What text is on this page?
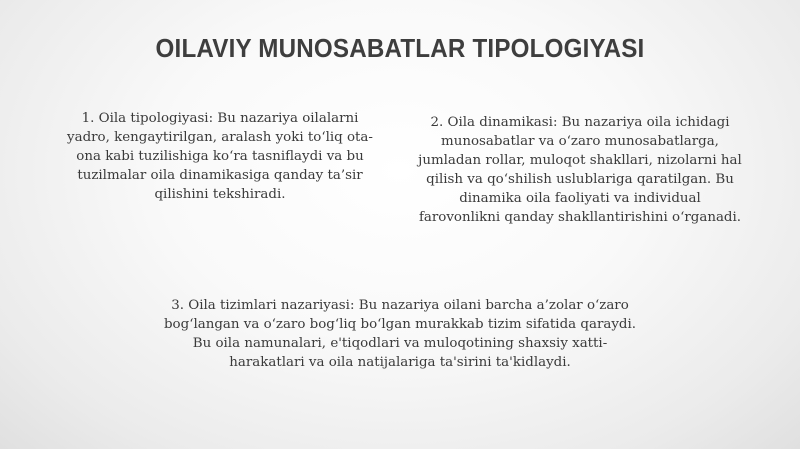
OILAVIY MUNOSABATLAR TIPOLOGIYASI

1. Oila tipologiyasi: Bu nazariya oilalarni
yadro, kengaytirilgan, aralash yoki to‘liq ota-
ona kabi tuzilishiga ko‘ra tasniflaydi va bu
tuzilmalar oila dinamikasiga qanday ta’sir
qilishini tekshiradi.

2. Oila dinamikasi: Bu nazariya oila ichidagi
munosabatlar va o‘zaro munosabatlarga,
jumladan rollar, muloqot shakllari, nizolarni hal
qilish va qo‘shilish uslublariga qaratilgan. Bu
dinamika oila faoliyati va individual
farovonlikni qanday shakllantirishini o‘rganadi.

3. Oila tizimlari nazariyasi: Bu nazariya oilani barcha a’zolar o‘zaro
bog‘langan va o‘zaro bog‘liq bo‘lgan murakkab tizim sifatida qaraydi.
Bu oila namunalari, e'tiqodlari va muloqotining shaxsiy xatti-
harakatlari va oila natijalariga ta'sirini ta'kidlaydi.
